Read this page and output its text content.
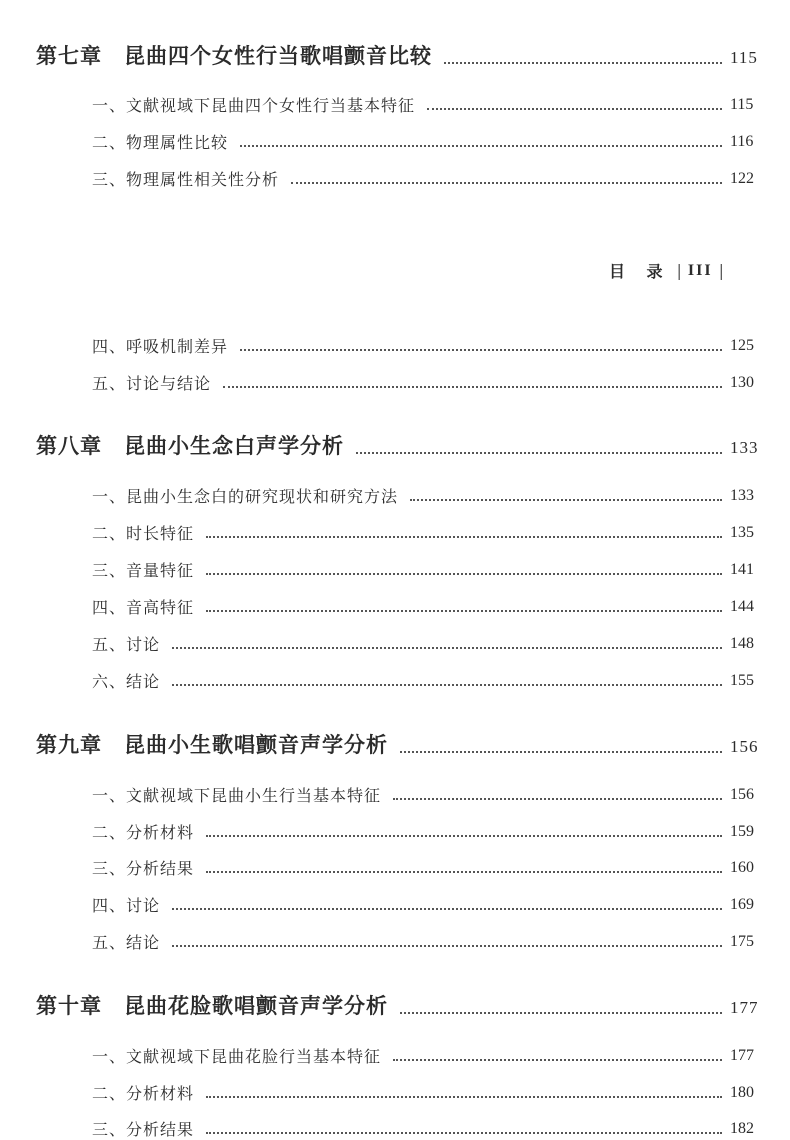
目 录 | III |
第七章 昆曲四个女性行当歌唱颤音比较	115
一、文献视域下昆曲四个女性行当基本特征	115
二、物理属性比较	116
三、物理属性相关性分析	122
四、呼吸机制差异	125
五、讨论与结论	130
第八章 昆曲小生念白声学分析	133
一、昆曲小生念白的研究现状和研究方法	133
二、时长特征	135
三、音量特征	141
四、音高特征	144
五、讨论	148
六、结论	155
第九章 昆曲小生歌唱颤音声学分析	156
一、文献视域下昆曲小生行当基本特征	156
二、分析材料	159
三、分析结果	160
四、讨论	169
五、结论	175
第十章 昆曲花脸歌唱颤音声学分析	177
一、文献视域下昆曲花脸行当基本特征	177
二、分析材料	180
三、分析结果	182
